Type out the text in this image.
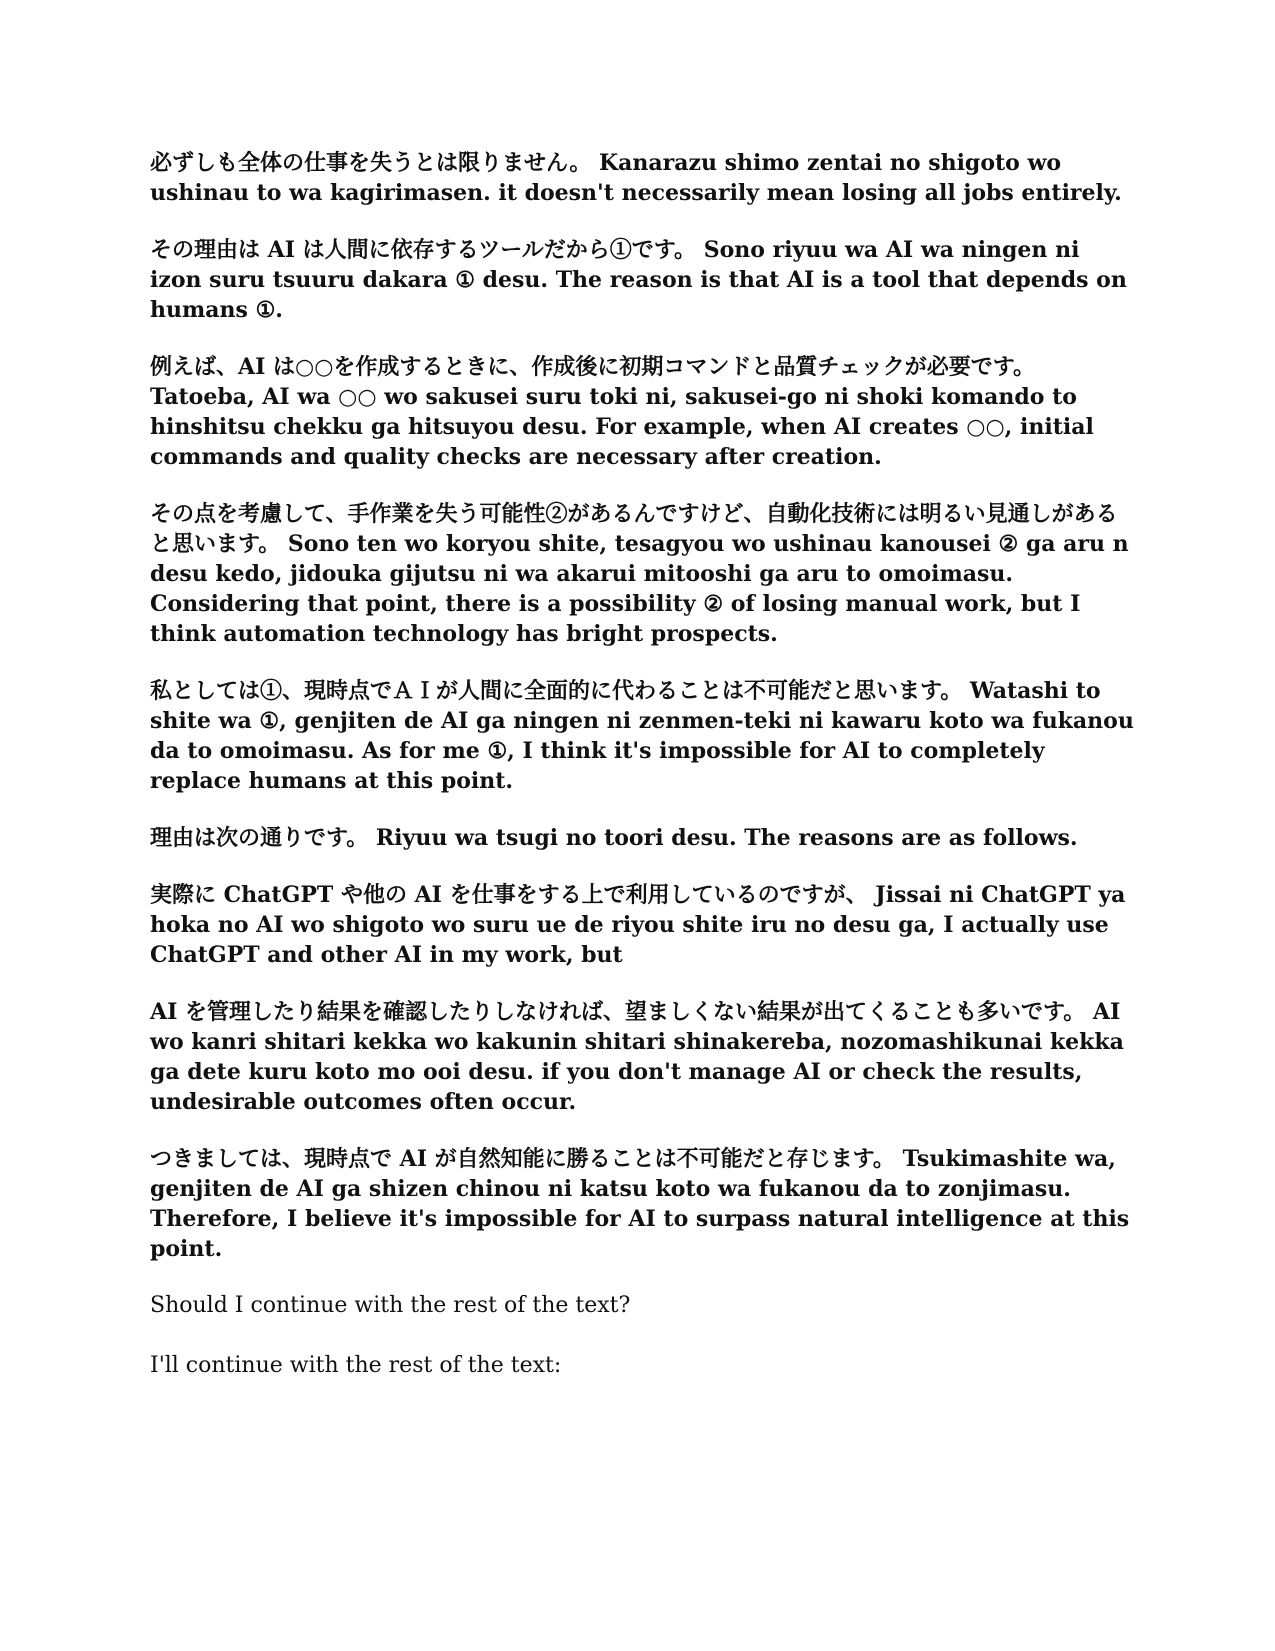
必ずしも全体の仕事を失うとは限りません。 Kanarazu shimo zentai no shigoto wo ushinau to wa kagirimasen. it doesn't necessarily mean losing all jobs entirely.

その理由は AI は人間に依存するツールだから①です。 Sono riyuu wa AI wa ningen ni izon suru tsuuru dakara ① desu. The reason is that AI is a tool that depends on humans ①.

例えば、AI は○○を作成するときに、作成後に初期コマンドと品質チェックが必要です。 Tatoeba, AI wa ○○ wo sakusei suru toki ni, sakusei-go ni shoki komando to hinshitsu chekku ga hitsuyou desu. For example, when AI creates ○○, initial commands and quality checks are necessary after creation.

その点を考慮して、手作業を失う可能性②があるんですけど、自動化技術には明るい見通しがあると思います。 Sono ten wo koryou shite, tesagyou wo ushinau kanousei ② ga aru n desu kedo, jidouka gijutsu ni wa akarui mitooshi ga aru to omoimasu. Considering that point, there is a possibility ② of losing manual work, but I think automation technology has bright prospects.

私としては①、現時点でＡＩが人間に全面的に代わることは不可能だと思います。 Watashi to shite wa ①, genjiten de AI ga ningen ni zenmen-teki ni kawaru koto wa fukanou da to omoimasu. As for me ①, I think it's impossible for AI to completely replace humans at this point.

理由は次の通りです。 Riyuu wa tsugi no toori desu. The reasons are as follows.

実際に ChatGPT や他の AI を仕事をする上で利用しているのですが、 Jissai ni ChatGPT ya hoka no AI wo shigoto wo suru ue de riyou shite iru no desu ga, I actually use ChatGPT and other AI in my work, but

AI を管理したり結果を確認したりしなければ、望ましくない結果が出てくることも多いです。 AI wo kanri shitari kekka wo kakunin shitari shinakereba, nozomashikunai kekka ga dete kuru koto mo ooi desu. if you don't manage AI or check the results, undesirable outcomes often occur.

つきましては、現時点で AI が自然知能に勝ることは不可能だと存じます。 Tsukimashite wa, genjiten de AI ga shizen chinou ni katsu koto wa fukanou da to zonjimasu. Therefore, I believe it's impossible for AI to surpass natural intelligence at this point.

Should I continue with the rest of the text?

I'll continue with the rest of the text:
